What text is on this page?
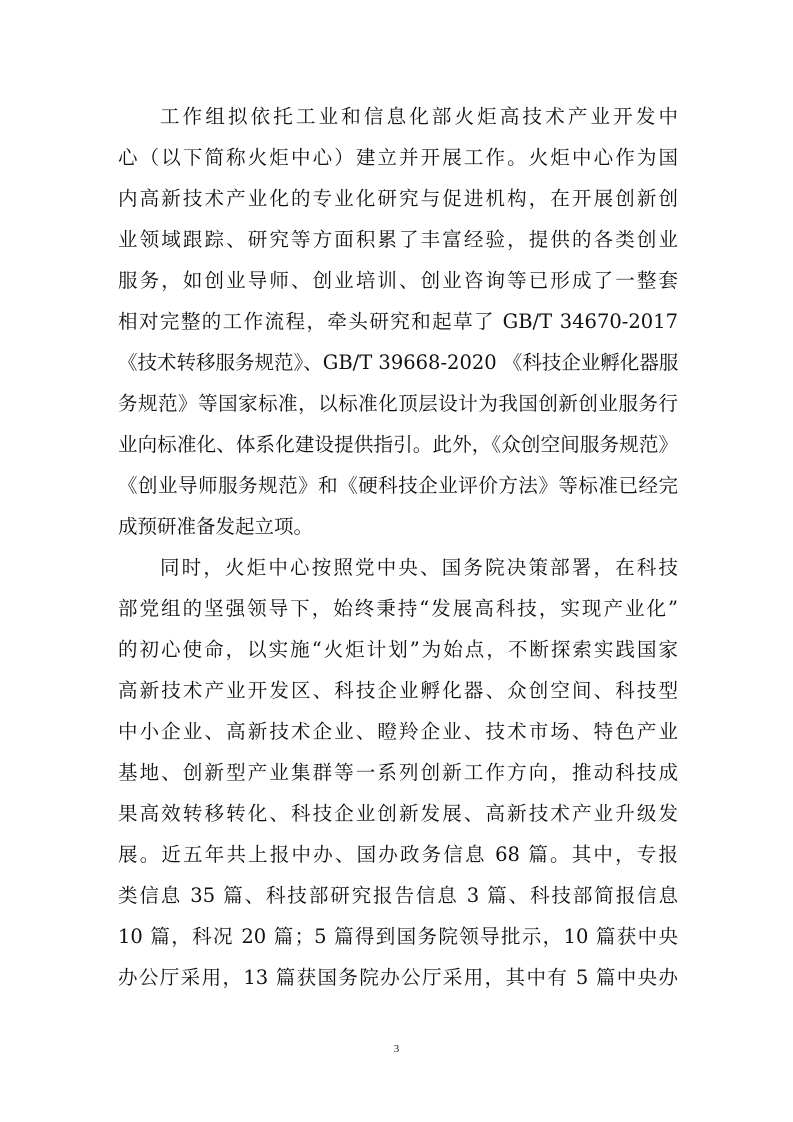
工作组拟依托工业和信息化部火炬高技术产业开发中
心（以下简称火炬中心）建立并开展工作。火炬中心作为国
内高新技术产业化的专业化研究与促进机构，在开展创新创
业领域跟踪、研究等方面积累了丰富经验，提供的各类创业
服务，如创业导师、创业培训、创业咨询等已形成了一整套
相对完整的工作流程，牵头研究和起草了 GB/T 34670-2017
《技术转移服务规范》、GB/T 39668-2020 《科技企业孵化器服
务规范》等国家标准，以标准化顶层设计为我国创新创业服务行
业向标准化、体系化建设提供指引。此外，《众创空间服务规范》
《创业导师服务规范》和《硬科技企业评价方法》等标准已经完
成预研准备发起立项。
同时，火炬中心按照党中央、国务院决策部署，在科技
部党组的坚强领导下，始终秉持“发展高科技，实现产业化”
的初心使命，以实施“火炬计划”为始点，不断探索实践国家
高新技术产业开发区、科技企业孵化器、众创空间、科技型
中小企业、高新技术企业、瞪羚企业、技术市场、特色产业
基地、创新型产业集群等一系列创新工作方向，推动科技成
果高效转移转化、科技企业创新发展、高新技术产业升级发
展。近五年共上报中办、国办政务信息 68 篇。其中，专报
类信息 35 篇、科技部研究报告信息 3 篇、科技部简报信息
10 篇，科况 20 篇；5 篇得到国务院领导批示，10 篇获中央
办公厅采用，13 篇获国务院办公厅采用，其中有 5 篇中央办
3
